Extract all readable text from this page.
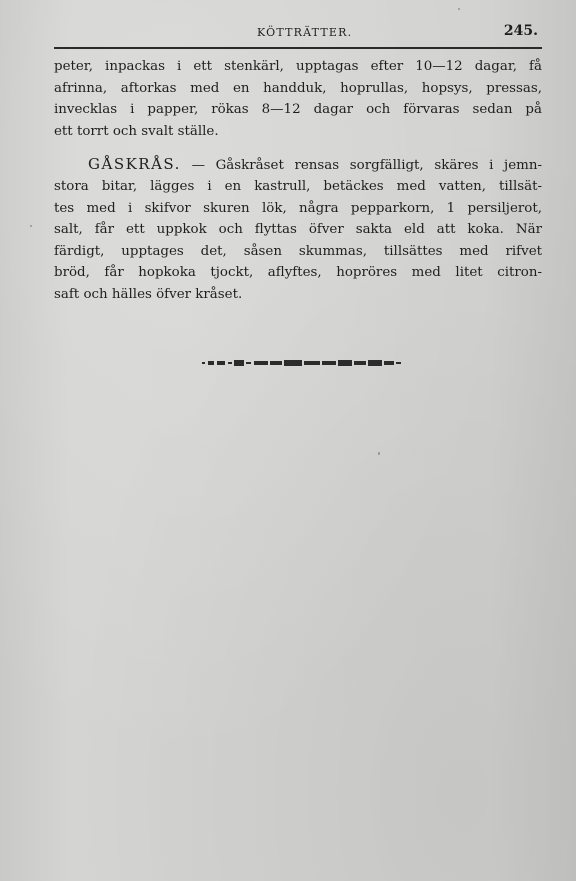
KÖTTRÄTTER.	245.
peter, inpackas i ett stenkärl, upptagas efter 10—12 dagar, få
afrinna, aftorkas med en handduk, hoprullas, hopsys, pressas,
invecklas i papper, rökas 8—12 dagar och förvaras sedan på
ett torrt och svalt ställe.
GÅSKRÅS. — Gåskråset rensas sorgfälligt, skäres i jemn-
stora bitar, lägges i en kastrull, betäckes med vatten, tillsät-
tes med i skifvor skuren lök, några pepparkorn, 1 persiljerot,
salt, får ett uppkok och flyttas öfver sakta eld att koka. När
färdigt, upptages det, såsen skummas, tillsättes med rifvet
bröd, får hopkoka tjockt, aflyftes, hopröres med litet citron-
saft och hälles öfver kråset.
